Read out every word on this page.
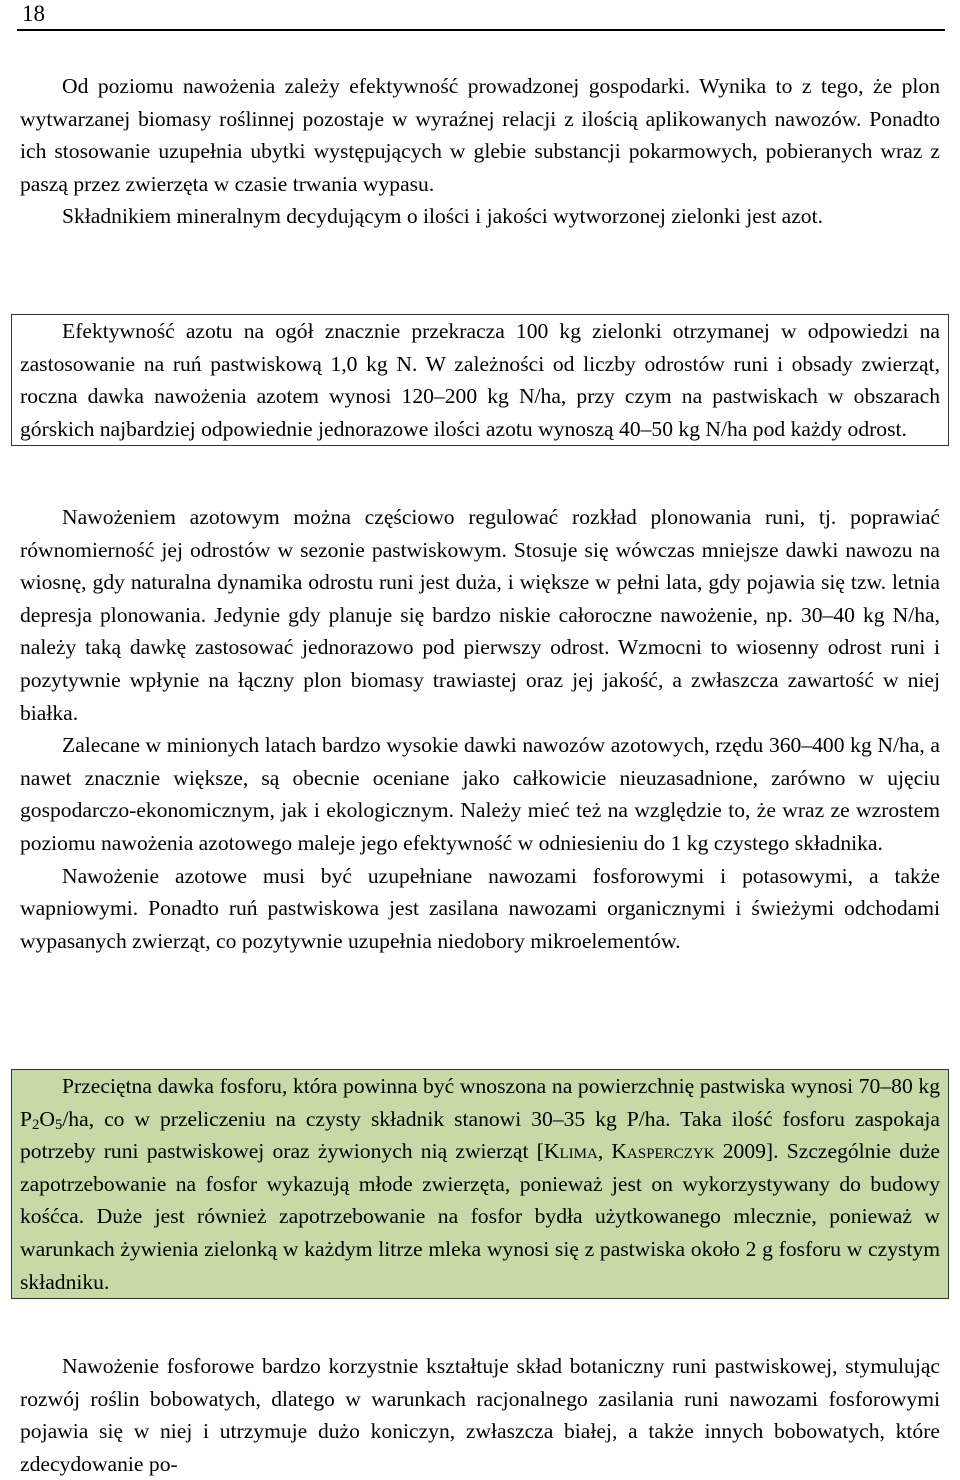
18

Od poziomu nawożenia zależy efektywność prowadzonej gospodarki. Wynika to z tego, że plon wytwarzanej biomasy roślinnej pozostaje w wyraźnej relacji z ilością aplikowanych nawozów. Ponadto ich stosowanie uzupełnia ubytki występujących w glebie substancji pokarmowych, pobieranych wraz z paszą przez zwierzęta w czasie trwania wypasu.

Składnikiem mineralnym decydującym o ilości i jakości wytworzonej zielonki jest azot.

Efektywność azotu na ogół znacznie przekracza 100 kg zielonki otrzymanej w odpowiedzi na zastosowanie na ruń pastwiskową 1,0 kg N. W zależności od liczby odrostów runi i obsady zwierząt, roczna dawka nawożenia azotem wynosi 120–200 kg N/ha, przy czym na pastwiskach w obszarach górskich najbardziej odpowiednie jednorazowe ilości azotu wynoszą 40–50 kg N/ha pod każdy odrost.

Nawożeniem azotowym można częściowo regulować rozkład plonowania runi, tj. poprawiać równomierność jej odrostów w sezonie pastwiskowym. Stosuje się wówczas mniejsze dawki nawozu na wiosnę, gdy naturalna dynamika odrostu runi jest duża, i większe w pełni lata, gdy pojawia się tzw. letnia depresja plonowania. Jedynie gdy planuje się bardzo niskie całoroczne nawożenie, np. 30–40 kg N/ha, należy taką dawkę zastosować jednorazowo pod pierwszy odrost. Wzmocni to wiosenny odrost runi i pozytywnie wpłynie na łączny plon biomasy trawiastej oraz jej jakość, a zwłaszcza zawartość w niej białka.

Zalecane w minionych latach bardzo wysokie dawki nawozów azotowych, rzędu 360–400 kg N/ha, a nawet znacznie większe, są obecnie oceniane jako całkowicie nieuzasadnione, zarówno w ujęciu gospodarczo-ekonomicznym, jak i ekologicznym. Należy mieć też na względzie to, że wraz ze wzrostem poziomu nawożenia azotowego maleje jego efektywność w odniesieniu do 1 kg czystego składnika.

Nawożenie azotowe musi być uzupełniane nawozami fosforowymi i potasowymi, a także wapniowymi. Ponadto ruń pastwiskowa jest zasilana nawozami organicznymi i świeżymi odchodami wypasanych zwierząt, co pozytywnie uzupełnia niedobory mikroelementów.

Przeciętna dawka fosforu, która powinna być wnoszona na powierzchnię pastwiska wynosi 70–80 kg $P_2O_5/ha$, co w przeliczeniu na czysty składnik stanowi 30–35 kg P/ha. Taka ilość fosforu zaspokaja potrzeby runi pastwiskowej oraz żywionych nią zwierząt [Klima, Kasperczyk 2009]. Szczególnie duże zapotrzebowanie na fosfor wykazują młode zwierzęta, ponieważ jest on wykorzystywany do budowy kośćca. Duże jest również zapotrzebowanie na fosfor bydła użytkowanego mlecznie, ponieważ w warunkach żywienia zielonką w każdym litrze mleka wynosi się z pastwiska około 2 g fosforu w czystym składniku.

Nawożenie fosforowe bardzo korzystnie kształtuje skład botaniczny runi pastwiskowej, stymulując rozwój roślin bobowatych, dlatego w warunkach racjonalnego zasilania runi nawozami fosforowymi pojawia się w niej i utrzymuje dużo koniczyn, zwłaszcza białej, a także innych bobowatych, które zdecydowanie po-
